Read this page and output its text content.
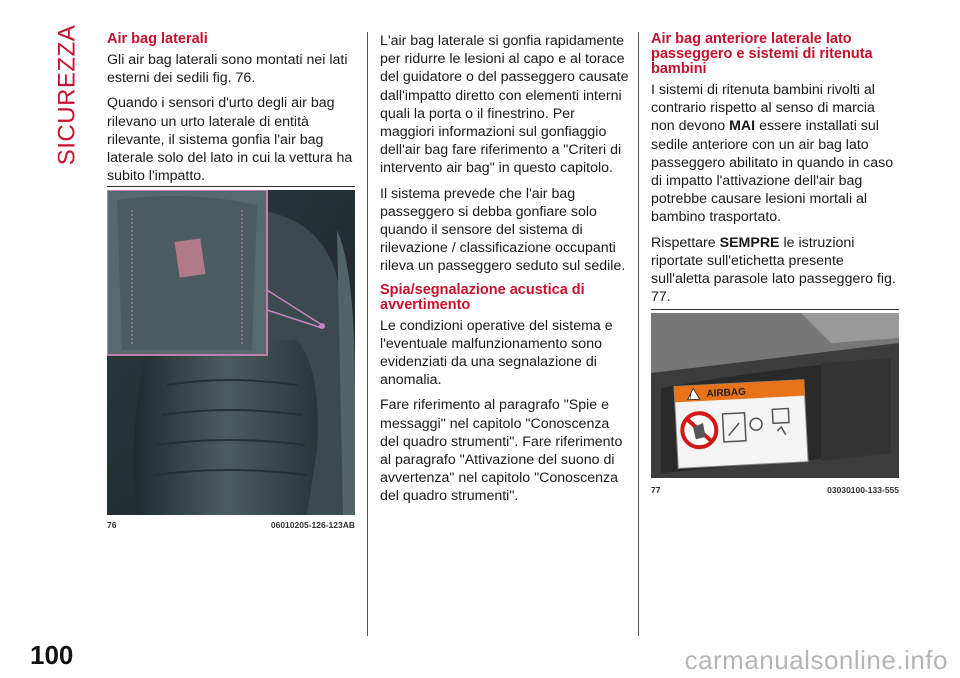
SICUREZZA Air bag laterali

Gli air bag laterali sono montati nei lati esterni dei sedili fig. 76.

Quando i sensori d'urto degli air bag rilevano un urto laterale di entità rilevante, il sistema gonfia l'air bag laterale solo del lato in cui la vettura ha subito l'impatto.

76	06010205-126-123AB

L'air bag laterale si gonfia rapidamente per ridurre le lesioni al capo e al torace del guidatore o del passeggero causate dall'impatto diretto con elementi interni quali la porta o il finestrino. Per maggiori informazioni sul gonfiaggio dell'air bag fare riferimento a "Criteri di intervento air bag" in questo capitolo.

Il sistema prevede che l'air bag passeggero si debba gonfiare solo quando il sensore del sistema di rilevazione / classificazione occupanti rileva un passeggero seduto sul sedile.

Spia/segnalazione acustica di avvertimento

Le condizioni operative del sistema e l'eventuale malfunzionamento sono evidenziati da una segnalazione di anomalia.

Fare riferimento al paragrafo "Spie e messaggi" nel capitolo "Conoscenza del quadro strumenti". Fare riferimento al paragrafo "Attivazione del suono di avvertenza" nel capitolo "Conoscenza del quadro strumenti".

Air bag anteriore laterale lato passeggero e sistemi di ritenuta bambini

I sistemi di ritenuta bambini rivolti al contrario rispetto al senso di marcia non devono MAI essere installati sul sedile anteriore con un air bag lato passeggero abilitato in quando in caso di impatto l'attivazione dell'air bag potrebbe causare lesioni mortali al bambino trasportato.

Rispettare SEMPRE le istruzioni riportate sull'etichetta presente sull'aletta parasole lato passeggero fig. 77.

! AIRBAG
77	03030100-133-555
100	carmanualsonline.info
